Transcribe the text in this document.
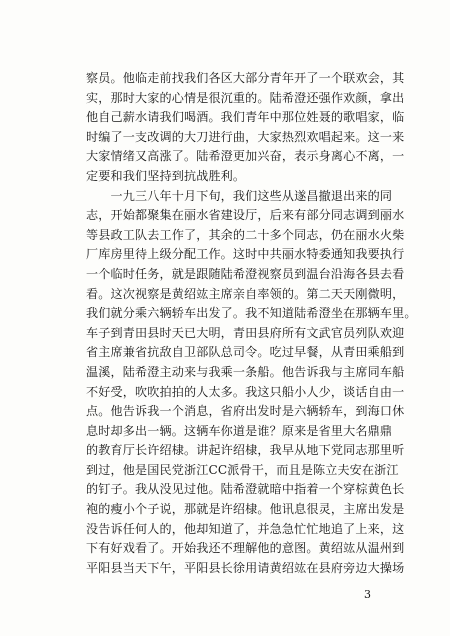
察员。他临走前找我们各区大部分青年开了一个联欢会，其
实，那时大家的心情是很沉重的。陆希澄还强作欢颜，拿出
他自己薪水请我们喝酒。我们青年中那位姓聂的歌唱家，临
时编了一支改调的大刀进行曲，大家热烈欢唱起来。这一来
大家情绪又高涨了。陆希澄更加兴奋，表示身离心不离，一
定要和我们坚持到抗战胜利。
　　一九三八年十月下旬，我们这些从遂昌撤退出来的同
志，开始都聚集在丽水省建设厅，后来有部分同志调到丽水
等县政工队去工作了，其余的二十多个同志，仍在丽水火柴
厂库房里待上级分配工作。这时中共丽水特委通知我要执行
一个临时任务，就是跟随陆希澄视察员到温台沿海各县去看
看。这次视察是黄绍竑主席亲自率领的。第二天天刚微明，
我们就分乘六辆轿车出发了。我不知道陆希澄坐在那辆车里。
车子到青田县时天已大明，青田县府所有文武官员列队欢迎
省主席兼省抗敌自卫部队总司令。吃过早餐，从青田乘船到
温溪，陆希澄主动来与我乘一条船。他告诉我与主席同车船
不好受，吹吹拍拍的人太多。我这只船小人少，谈话自由一
点。他告诉我一个消息，省府出发时是六辆轿车，到海口休
息时却多出一辆。这辆车你道是谁？原来是省里大名鼎鼎
的教育厅长许绍棣。讲起许绍棣，我早从地下党同志那里听
到过，他是国民党浙江CC派骨干，而且是陈立夫安在浙江
的钉子。我从没见过他。陆希澄就暗中指着一个穿棕黄色长
袍的瘦小个子说，那就是许绍棣。他讯息很灵，主席出发是
没告诉任何人的，他却知道了，并急急忙忙地追了上来，这
下有好戏看了。开始我还不理解他的意图。黄绍竑从温州到
平阳县当天下午，平阳县长徐用请黄绍竑在县府旁边大操场
3
